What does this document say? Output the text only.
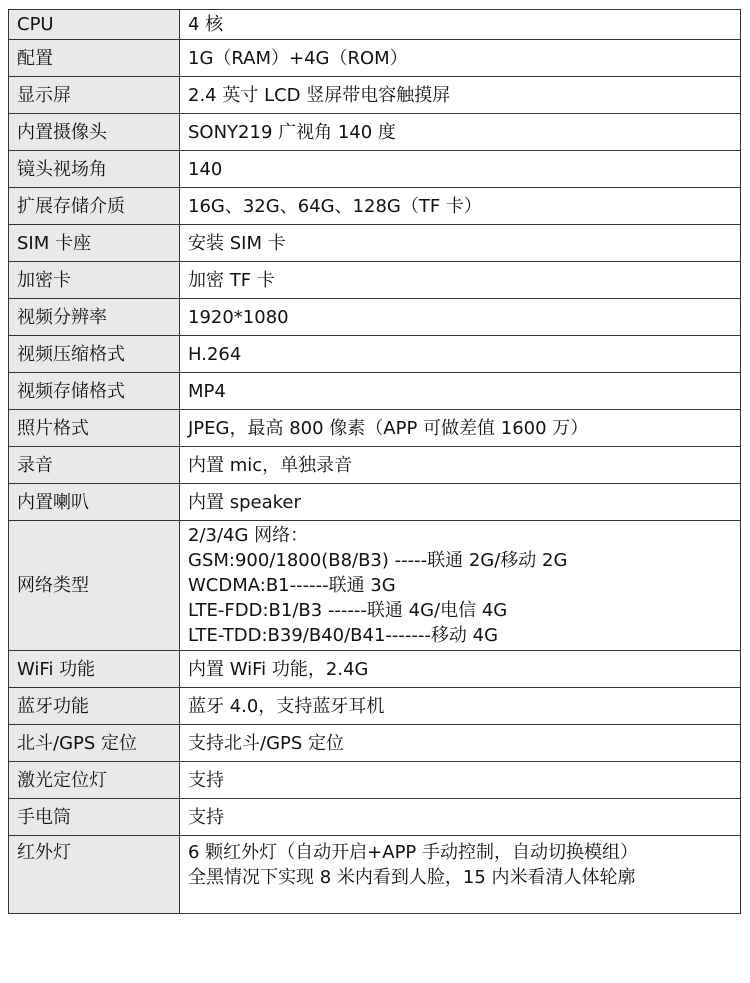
CPU	4 核
配置	1G（RAM）+4G（ROM）
显示屏	2.4 英寸 LCD 竖屏带电容触摸屏
内置摄像头	SONY219 广视角 140 度
镜头视场角	140
扩展存储介质	16G、32G、64G、128G（TF 卡）
SIM 卡座	安装 SIM 卡
加密卡	加密 TF 卡
视频分辨率	1920*1080
视频压缩格式	H.264
视频存储格式	MP4
照片格式	JPEG，最高 800 像素（APP 可做差值 1600 万）
录音	内置 mic，单独录音
内置喇叭	内置 speaker
网络类型	2/3/4G 网络：
GSM:900/1800(B8/B3) -----联通 2G/移动 2G
WCDMA:B1------联通 3G
LTE-FDD:B1/B3 ------联通 4G/电信 4G
LTE-TDD:B39/B40/B41-------移动 4G

WiFi 功能	内置 WiFi 功能，2.4G
蓝牙功能	蓝牙 4.0，支持蓝牙耳机
北斗/GPS 定位	支持北斗/GPS 定位
激光定位灯	支持
手电筒	支持
红外灯	6 颗红外灯（自动开启+APP 手动控制，自动切换模组）
全黑情况下实现 8 米内看到人脸，15 内米看清人体轮廓
